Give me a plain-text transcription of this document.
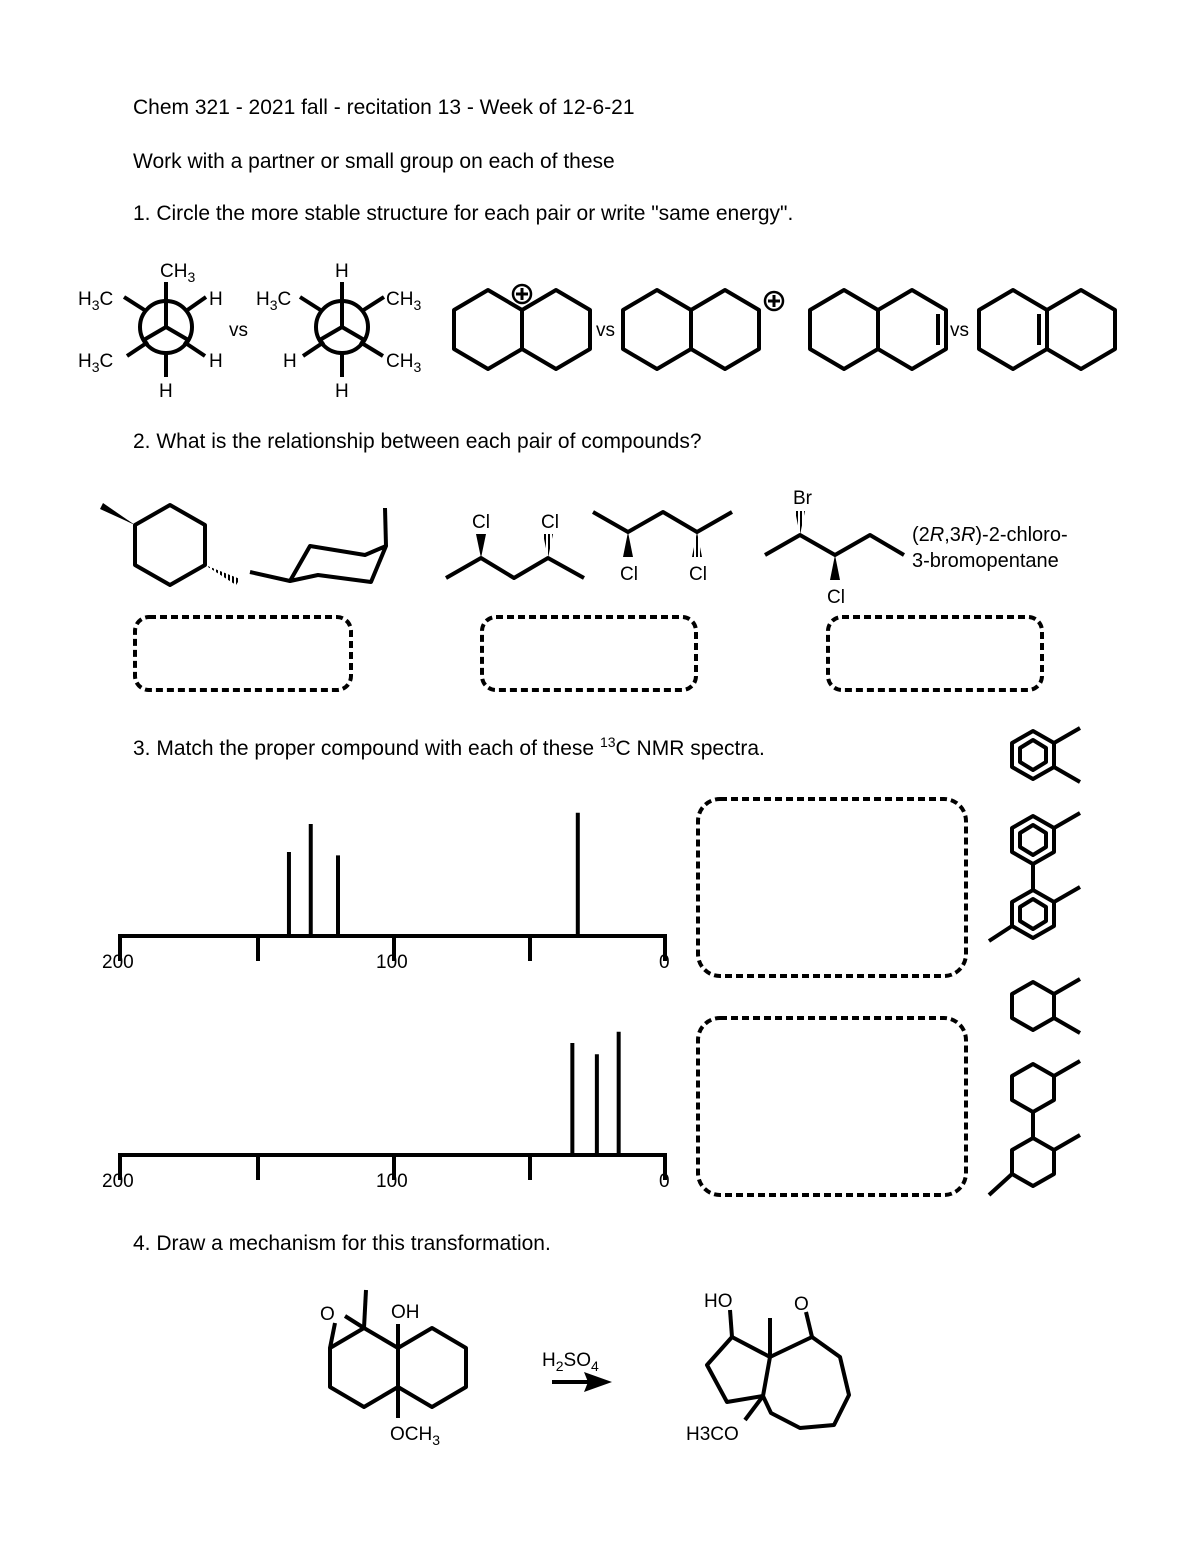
Chem 321 - 2021 fall - recitation 13 - Week of 12-6-21
Work with a partner or small group on each of these
1. Circle the more stable structure for each pair or write "same energy".
2. What is the relationship between each pair of compounds?
3. Match the proper compound with each of these $^{13}$C NMR spectra.
4. Draw a mechanism for this transformation.
$CH_3$
$H_3C$	H
$H_3C$	H
H
vs
H
$H_3C$	$CH_3$
H	$CH_3$
H
vs	vs
Cl	Cl
Cl	Cl
Br
Cl
(2R,3R)-2-chloro-
3-bromopentane
200	100	0
200	100	0
O	OH
$OCH_3$
$H_2SO_4$
HO	O
H3CO
